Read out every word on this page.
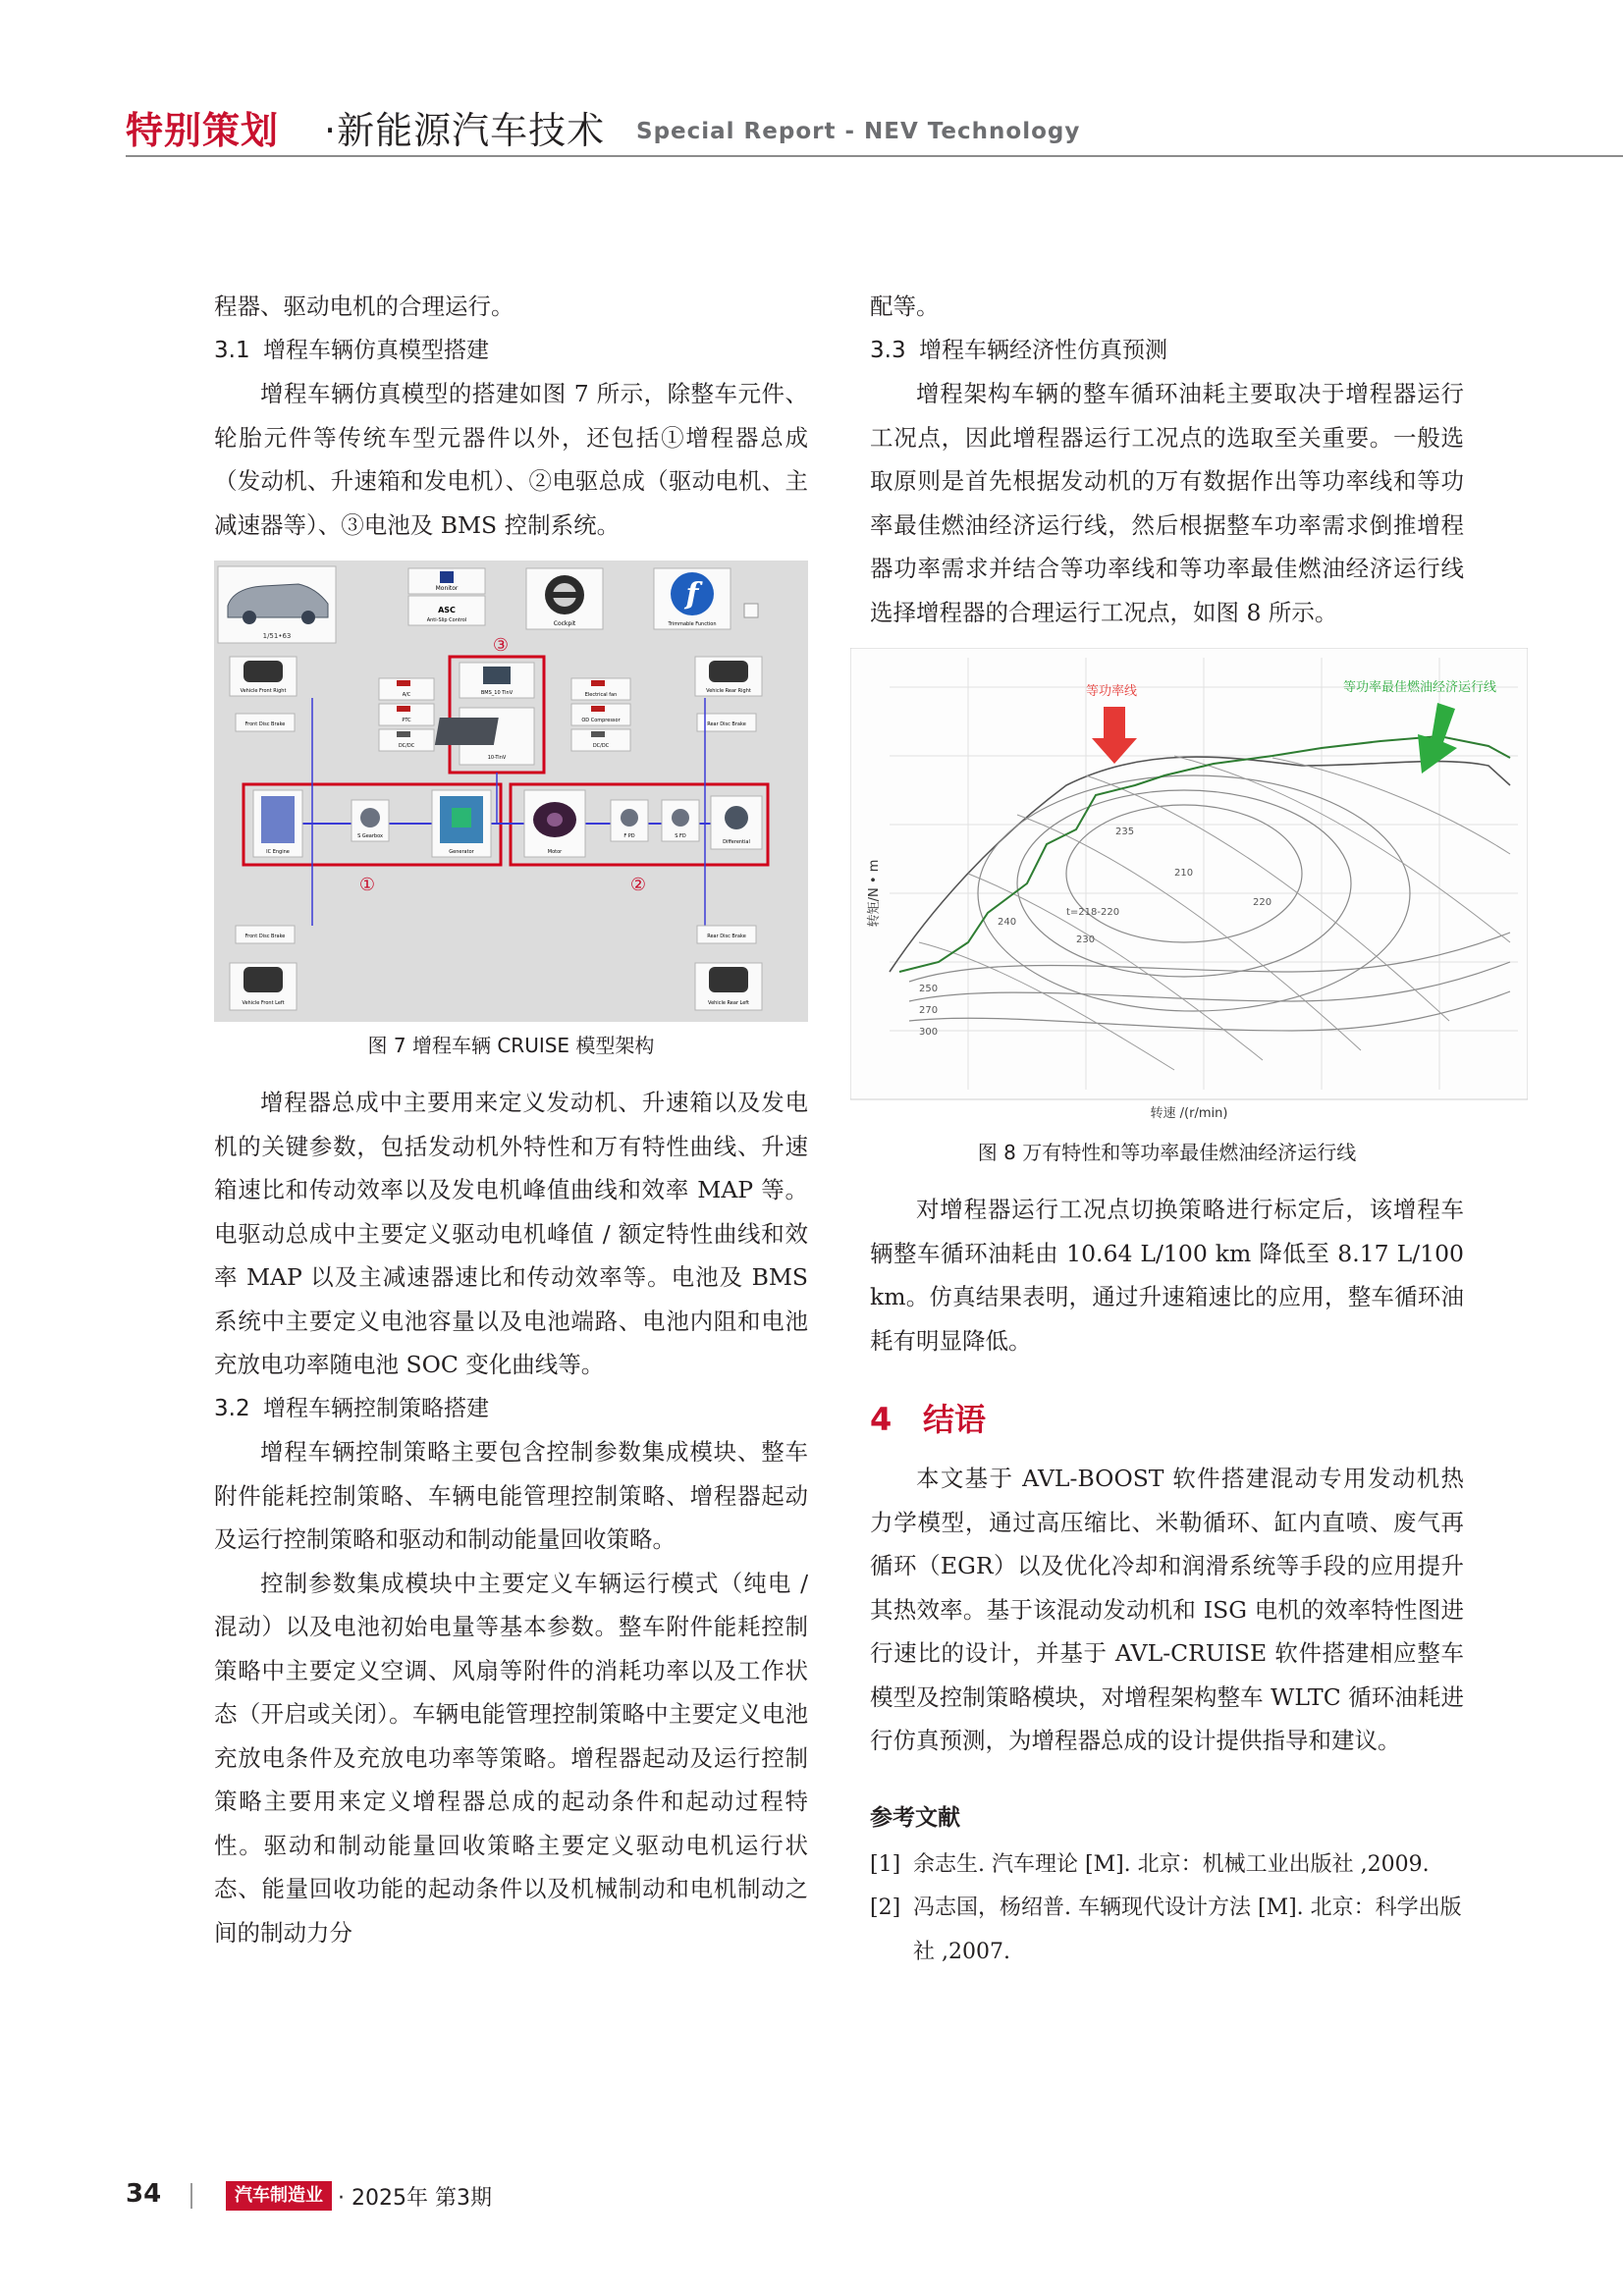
特别策划 ·新能源汽车技术 Special Report - NEV Technology

程器、驱动电机的合理运行。

3.1 增程车辆仿真模型搭建

增程车辆仿真模型的搭建如图 7 所示，除整车元件、轮胎元件等传统车型元器件以外，还包括①增程器总成（发动机、升速箱和发电机）、②电驱总成（驱动电机、主减速器等）、③电池及 BMS 控制系统。

1/51•63
Monitor
ASC
Anti-Slip Control	Cockpit
f
Trimmable Function
③
Vehicle Front Right	Vehicle Rear Right
BMS_10 TinV
10-TinV
A/C
PTC
DC/DC
Electrical fan
OD Compressor
DC/DC
Front Disc Brake	Rear Disc Brake
IC Engine
S Gearbox
Generator	Motor
F PD	S FD
Differential
①	②
Front Disc Brake	Rear Disc Brake
Vehicle Front Left	Vehicle Rear Left
图 7 增程车辆 CRUISE 模型架构

增程器总成中主要用来定义发动机、升速箱以及发电机的关键参数，包括发动机外特性和万有特性曲线、升速箱速比和传动效率以及发电机峰值曲线和效率 MAP 等。电驱动总成中主要定义驱动电机峰值 / 额定特性曲线和效率 MAP 以及主减速器速比和传动效率等。电池及 BMS 系统中主要定义电池容量以及电池端路、电池内阻和电池充放电功率随电池 SOC 变化曲线等。

3.2 增程车辆控制策略搭建

增程车辆控制策略主要包含控制参数集成模块、整车附件能耗控制策略、车辆电能管理控制策略、增程器起动及运行控制策略和驱动和制动能量回收策略。

控制参数集成模块中主要定义车辆运行模式（纯电 / 混动）以及电池初始电量等基本参数。整车附件能耗控制策略中主要定义空调、风扇等附件的消耗功率以及工作状态（开启或关闭）。车辆电能管理控制策略中主要定义电池充放电条件及充放电功率等策略。增程器起动及运行控制策略主要用来定义增程器总成的起动条件和起动过程特性。驱动和制动能量回收策略主要定义驱动电机运行状态、能量回收功能的起动条件以及机械制动和电机制动之间的制动力分

配等。

3.3 增程车辆经济性仿真预测

增程架构车辆的整车循环油耗主要取决于增程器运行工况点，因此增程器运行工况点的选取至关重要。一般选取原则是首先根据发动机的万有数据作出等功率线和等功率最佳燃油经济运行线，然后根据整车功率需求倒推增程器功率需求并结合等功率线和等功率最佳燃油经济运行线选择增程器的合理运行工况点，如图 8 所示。

210
220
230
235
240
250
270
300
t=218-220
等功率线	等功率最佳燃油经济运行线
转矩/N • m
转速 /(r/min)
图 8 万有特性和等功率最佳燃油经济运行线

对增程器运行工况点切换策略进行标定后，该增程车辆整车循环油耗由 10.64 L/100 km 降低至 8.17 L/100 km。仿真结果表明，通过升速箱速比的应用，整车循环油耗有明显降低。

4 结语

本文基于 AVL-BOOST 软件搭建混动专用发动机热力学模型，通过高压缩比、米勒循环、缸内直喷、废气再循环（EGR）以及优化冷却和润滑系统等手段的应用提升其热效率。基于该混动发动机和 ISG 电机的效率特性图进行速比的设计，并基于 AVL-CRUISE 软件搭建相应整车模型及控制策略模块，对增程架构整车 WLTC 循环油耗进行仿真预测，为增程器总成的设计提供指导和建议。

参考文献

[1] 余志生. 汽车理论 [M]. 北京：机械工业出版社 ,2009.

[2] 冯志国，杨绍普. 车辆现代设计方法 [M]. 北京：科学出版社 ,2007.

34	汽车制造业 · 2025年 第3期
